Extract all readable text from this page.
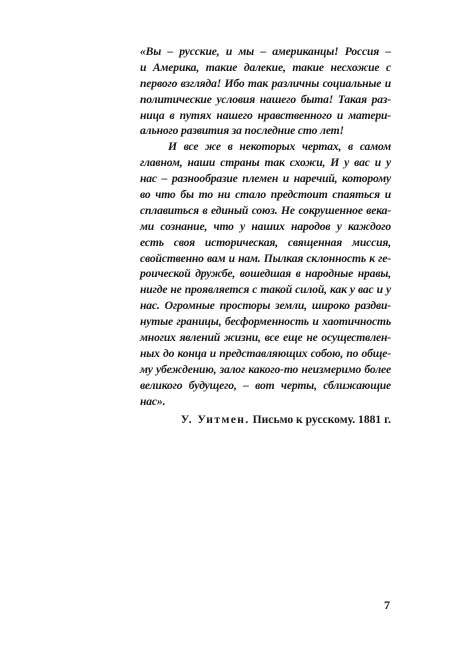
«Вы – русские, и мы – американцы! Россия –
и Америка, такие далекие, такие несхожие с
первого взгляда! Ибо так различны социальные и
политические условия нашего быта! Такая раз-
ница в путях нашего нравственного и матери-
ального развития за последние сто лет!
И все же в некоторых чертах, в самом
главном, наши страны так схожи, И у вас и у
нас – разнообразие племен и наречий, которому
во что бы то ни стало предстоит спаяться и
сплавиться в единый союз. Не сокрушенное века-
ми сознание, что у наших народов у каждого
есть своя историческая, священная миссия,
свойственно вам и нам. Пылкая склонность к ге-
роической дружбе, вошедшая в народные нравы,
нигде не проявляется с такой силой, как у вас и у
нас. Огромные просторы земли, широко раздви-
нутые границы, бесформенность и хаотичность
многих явлений жизни, все еще не осуществлен-
ных до конца и представляющих собою, по обще-
му убеждению, залог какого-то неизмеримо более
великого будущего, – вот черты, сближающие
нас».
У. Уитмен. Письмо к русскому. 1881 г.
7
